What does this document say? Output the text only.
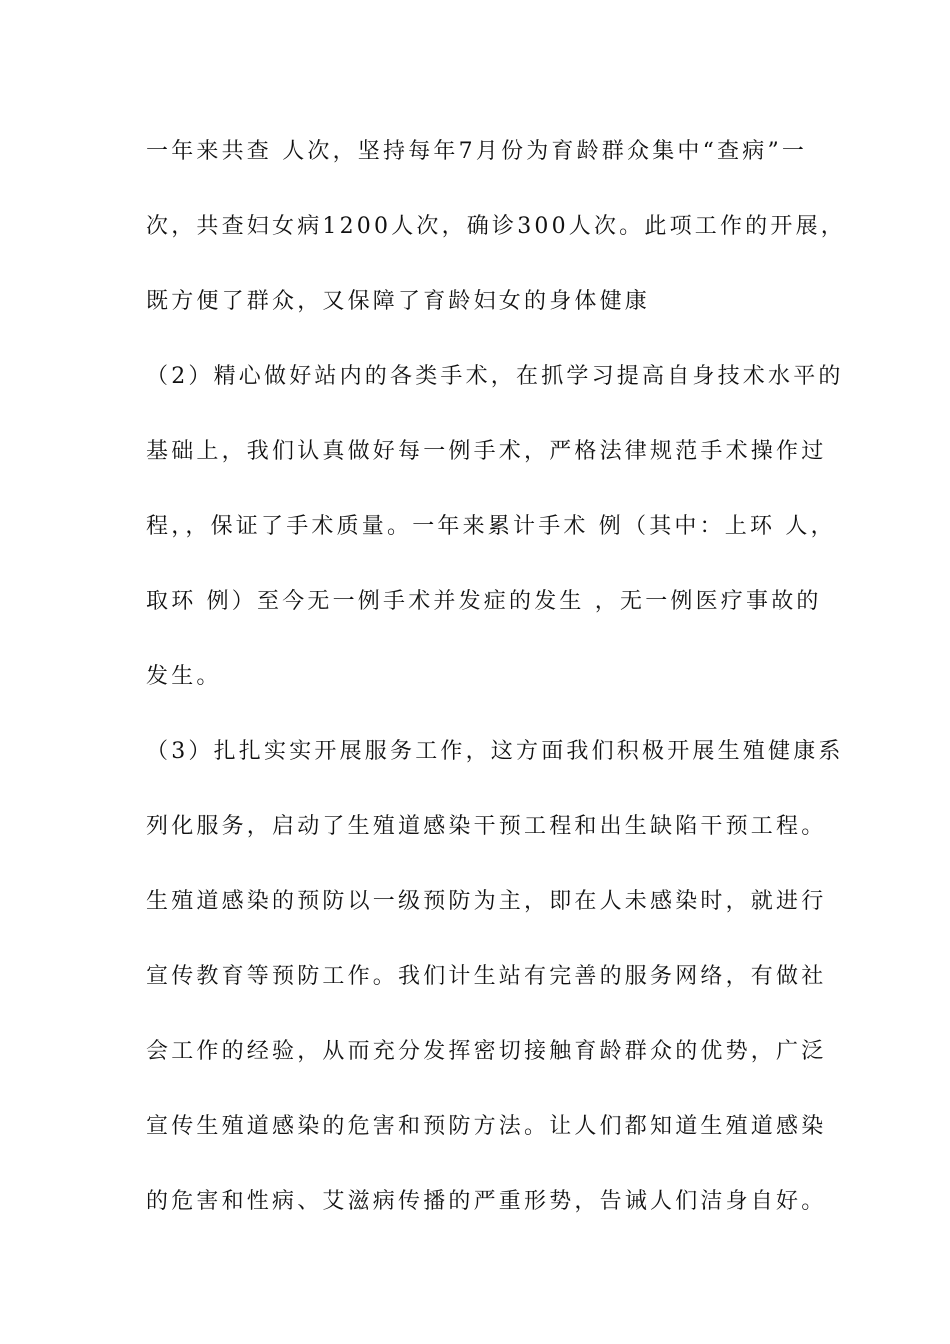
一年来共查 人次，坚持每年7月份为育龄群众集中“查病”一
次，共查妇女病1200人次，确诊300人次。此项工作的开展，
既方便了群众，又保障了育龄妇女的身体健康
（2）精心做好站内的各类手术，在抓学习提高自身技术水平的
基础上，我们认真做好每一例手术，严格法律规范手术操作过
程，，保证了手术质量。一年来累计手术 例（其中：上环 人，
取环 例）至今无一例手术并发症的发生 ，无一例医疗事故的
发生。
（3）扎扎实实开展服务工作，这方面我们积极开展生殖健康系
列化服务，启动了生殖道感染干预工程和出生缺陷干预工程。
生殖道感染的预防以一级预防为主，即在人未感染时，就进行
宣传教育等预防工作。我们计生站有完善的服务网络，有做社
会工作的经验，从而充分发挥密切接触育龄群众的优势，广泛
宣传生殖道感染的危害和预防方法。让人们都知道生殖道感染
的危害和性病、艾滋病传播的严重形势，告诫人们洁身自好。
